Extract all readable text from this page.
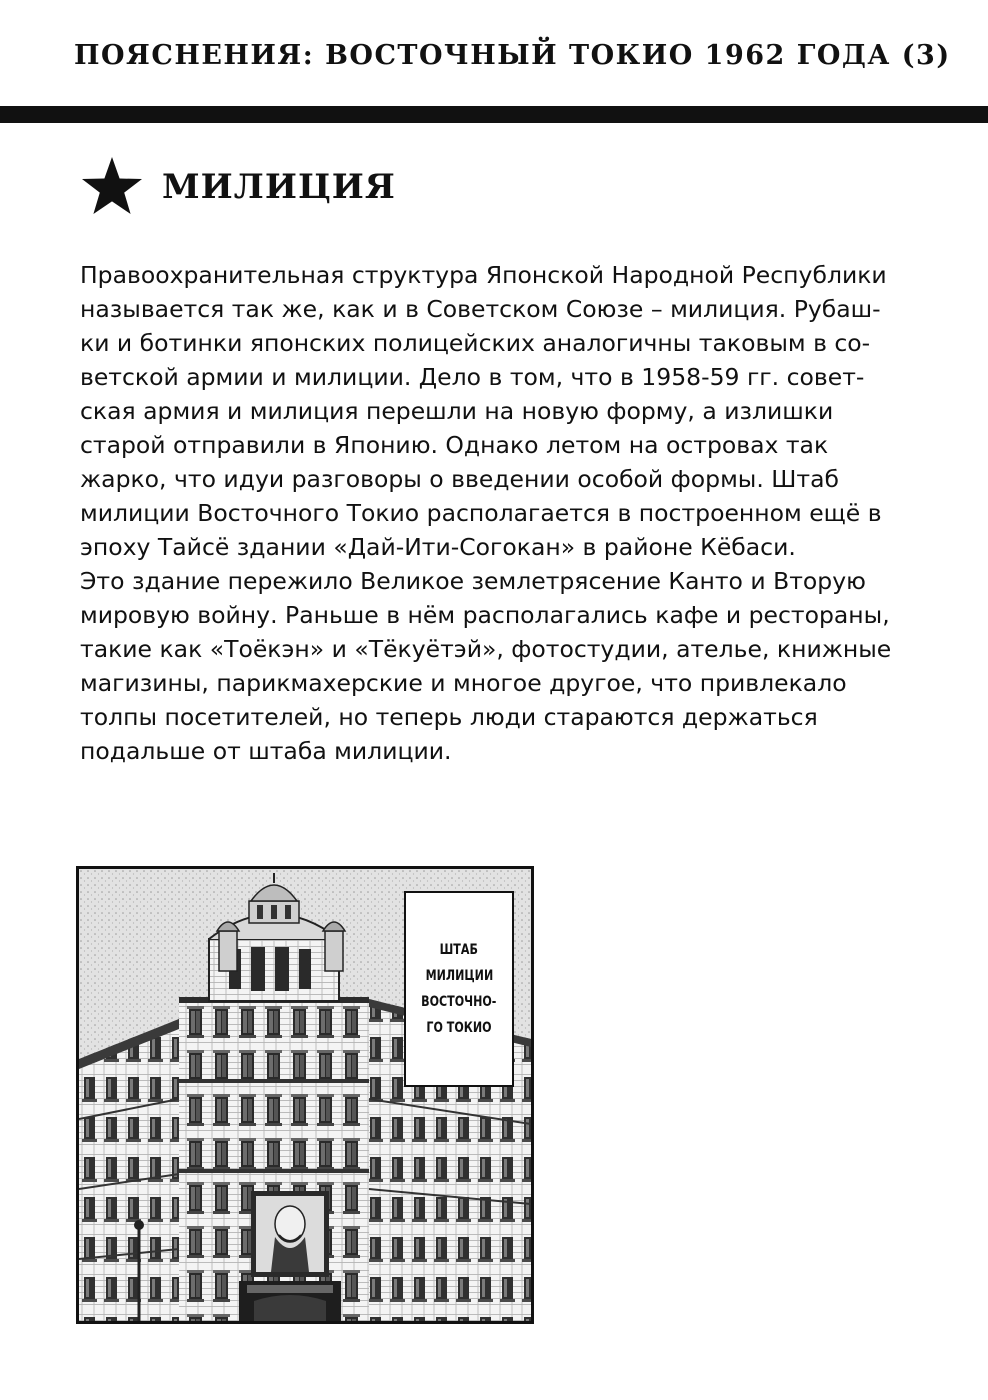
ПОЯСНЕНИЯ: ВОСТОЧНЫЙ ТОКИО 1962 ГОДА (3)
МИЛИЦИЯ
Правоохранительная структура Японской Народной Республики
называется так же, как и в Советском Союзе – милиция. Рубаш-
ки и ботинки японских полицейских аналогичны таковым в со-
ветской армии и милиции. Дело в том, что в 1958-59 гг. совет-
ская армия и милиция перешли на новую форму, а излишки
старой отправили в Японию. Однако летом на островах так
жарко, что идуи разговоры о введении особой формы. Штаб
милиции Восточного Токио располагается в построенном ещё в
эпоху Тайсё здании «Дай-Ити-Согокан» в районе Кёбаси.
Это здание пережило Великое землетрясение Канто и Вторую
мировую войну. Раньше в нём располагались кафе и рестораны,
такие как «Тоёкэн» и «Тёкуётэй», фотостудии, ателье, книжные
магизины, парикмахерские и многое другое, что привлекало
толпы посетителей, но теперь люди стараются держаться
подальше от штаба милиции.
ШТАБ
МИЛИЦИИ
ВОСТОЧНО-
ГО ТОКИО
